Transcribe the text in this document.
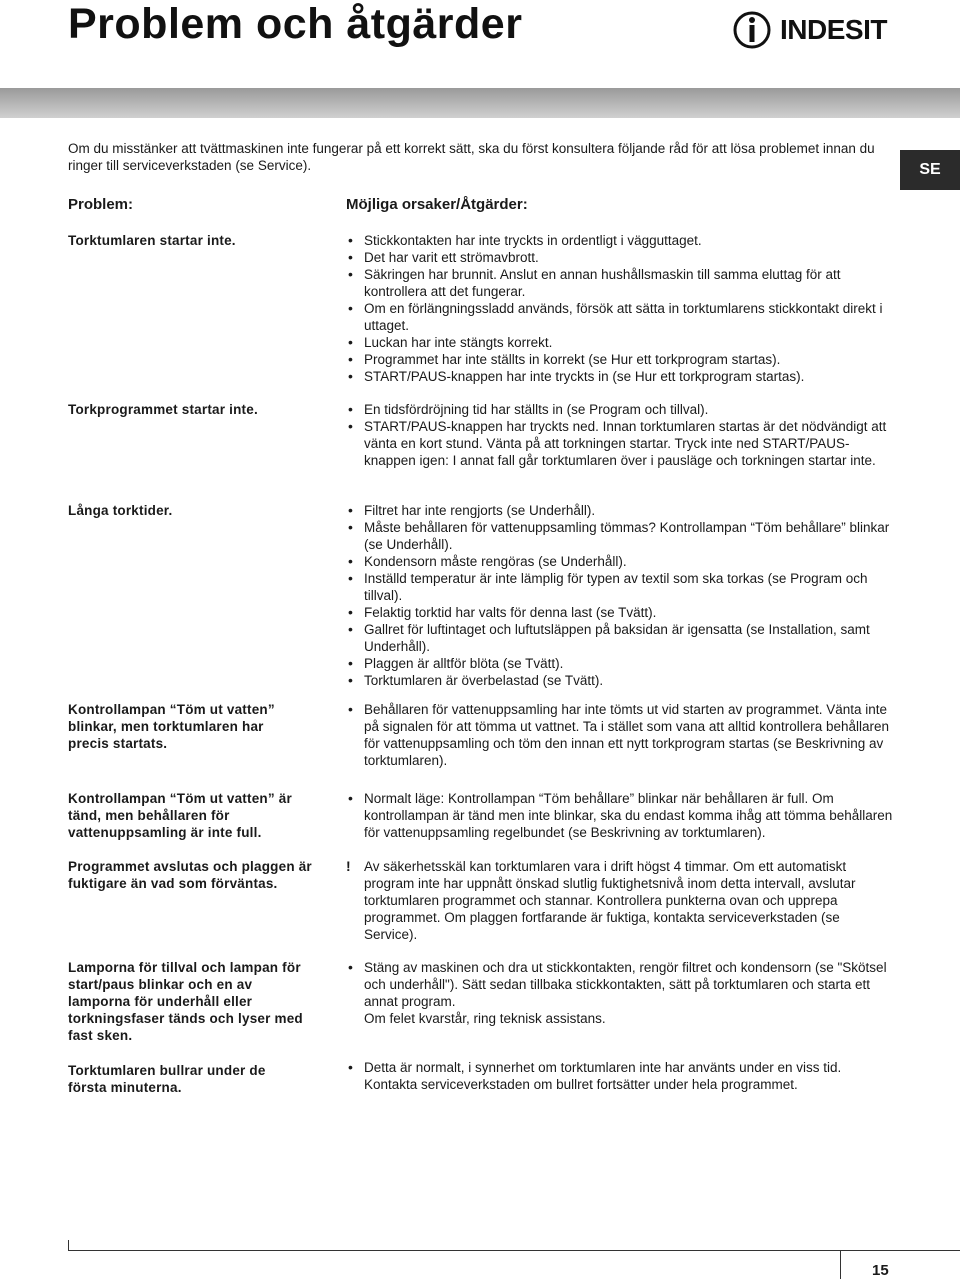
Problem och åtgärder	INDESIT
Om du misstänker att tvättmaskinen inte fungerar på ett korrekt sätt, ska du först konsultera följande råd för att lösa problemet innan du ringer till serviceverkstaden (se Service).	SE
Problem:	Möjliga orsaker/Åtgärder:
Torktumlaren startar inte.	• Stickkontakten har inte tryckts in ordentligt i vägguttaget.
• Det har varit ett strömavbrott.
• Säkringen har brunnit. Anslut en annan hushållsmaskin till samma eluttag för att kontrollera att det fungerar.
• Om en förlängningssladd används, försök att sätta in torktumlarens stickkontakt direkt i uttaget.
• Luckan har inte stängts korrekt.
• Programmet har inte ställts in korrekt (se Hur ett torkprogram startas).
• START/PAUS-knappen har inte tryckts in (se Hur ett torkprogram startas).
Torkprogrammet startar inte.	• En tidsfördröjning tid har ställts in (se Program och tillval).
• START/PAUS-knappen har tryckts ned. Innan torktumlaren startas är det nödvändigt att vänta en kort stund. Vänta på att torkningen startar. Tryck inte ned START/PAUS-knappen igen: I annat fall går torktumlaren över i pausläge och torkningen startar inte.
Långa torktider.	• Filtret har inte rengjorts (se Underhåll).
• Måste behållaren för vattenuppsamling tömmas? Kontrollampan “Töm behållare” blinkar (se Underhåll).
• Kondensorn måste rengöras (se Underhåll).
• Inställd temperatur är inte lämplig för typen av textil som ska torkas (se Program och tillval).
• Felaktig torktid har valts för denna last (se Tvätt).
• Gallret för luftintaget och luftutsläppen på baksidan är igensatta (se Installation, samt Underhåll).
• Plaggen är alltför blöta (se Tvätt).
• Torktumlaren är överbelastad (se Tvätt).
Kontrollampan “Töm ut vatten” blinkar, men torktumlaren har precis startats.
• Behållaren för vattenuppsamling har inte tömts ut vid starten av programmet. Vänta inte på signalen för att tömma ut vattnet. Ta i stället som vana att alltid kontrollera behållaren för vattenuppsamling och töm den innan ett nytt torkprogram startas (se Beskrivning av torktumlaren).
Kontrollampan “Töm ut vatten” är tänd, men behållaren för vattenuppsamling är inte full.
• Normalt läge: Kontrollampan “Töm behållare” blinkar när behållaren är full. Om kontrollampan är tänd men inte blinkar, ska du endast komma ihåg att tömma behållaren för vattenuppsamling regelbundet (se Beskrivning av torktumlaren).
Programmet avslutas och plaggen är fuktigare än vad som förväntas.
! Av säkerhetsskäl kan torktumlaren vara i drift högst 4 timmar. Om ett automatiskt program inte har uppnått önskad slutlig fuktighetsnivå inom detta intervall, avslutar torktumlaren programmet och stannar. Kontrollera punkterna ovan och upprepa programmet. Om plaggen fortfarande är fuktiga, kontakta serviceverkstaden (se Service).
Lamporna för tillval och lampan för start/paus blinkar och en av lamporna för underhåll eller torkningsfaser tänds och lyser med fast sken.
• Stäng av maskinen och dra ut stickkontakten, rengör filtret och kondensorn (se "Skötsel och underhåll"). Sätt sedan tillbaka stickkontakten, sätt på torktumlaren och starta ett annat program.
Om felet kvarstår, ring teknisk assistans.
Torktumlaren bullrar under de första minuterna.
• Detta är normalt, i synnerhet om torktumlaren inte har använts under en viss tid. Kontakta serviceverkstaden om bullret fortsätter under hela programmet.
15
